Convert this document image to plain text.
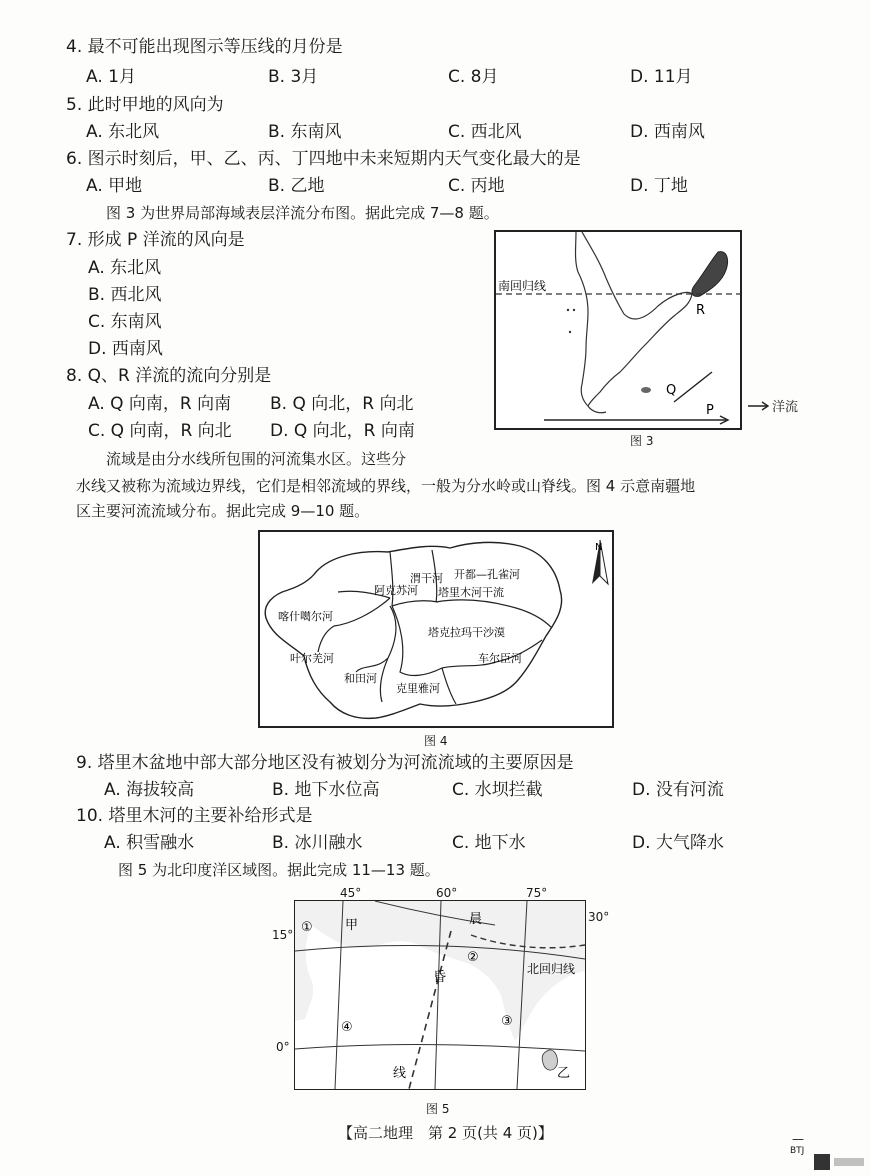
4. 最不可能出现图示等压线的月份是
A. 1月	B. 3月	C. 8月	D. 11月
5. 此时甲地的风向为
A. 东北风	B. 东南风	C. 西北风	D. 西南风
6. 图示时刻后，甲、乙、丙、丁四地中未来短期内天气变化最大的是
A. 甲地	B. 乙地	C. 丙地	D. 丁地
图 3 为世界局部海域表层洋流分布图。据此完成 7—8 题。
7. 形成 P 洋流的风向是
A. 东北风
B. 西北风
C. 东南风
D. 西南风
8. Q、R 洋流的流向分别是
A. Q 向南，R 向南 B. Q 向北，R 向北
C. Q 向南，R 向北 D. Q 向北，R 向南
南回归线
R
Q
P	洋流
图 3
流域是由分水线所包围的河流集水区。这些分
水线又被称为流域边界线，它们是相邻流域的界线，一般为分水岭或山脊线。图 4 示意南疆地
区主要河流流域分布。据此完成 9—10 题。
渭干河 开都—孔雀河
阿克苏河 塔里木河干流
喀什噶尔河
塔克拉玛干沙漠
叶尔羌河	车尔臣河
和田河
克里雅河
N
图 4
9. 塔里木盆地中部大部分地区没有被划分为河流流域的主要原因是
A. 海拔较高	B. 地下水位高	C. 水坝拦截	D. 没有河流
10. 塔里木河的主要补给形式是
A. 积雪融水	B. 冰川融水	C. 地下水	D. 大气降水
图 5 为北印度洋区域图。据此完成 11—13 题。
45°	60°	75°
30°
15°
0°
甲	晨
昏
线	乙
北回归线
①
②
③
④
图 5
【高二地理　第 2 页(共 4 页)】	—
BTJ
